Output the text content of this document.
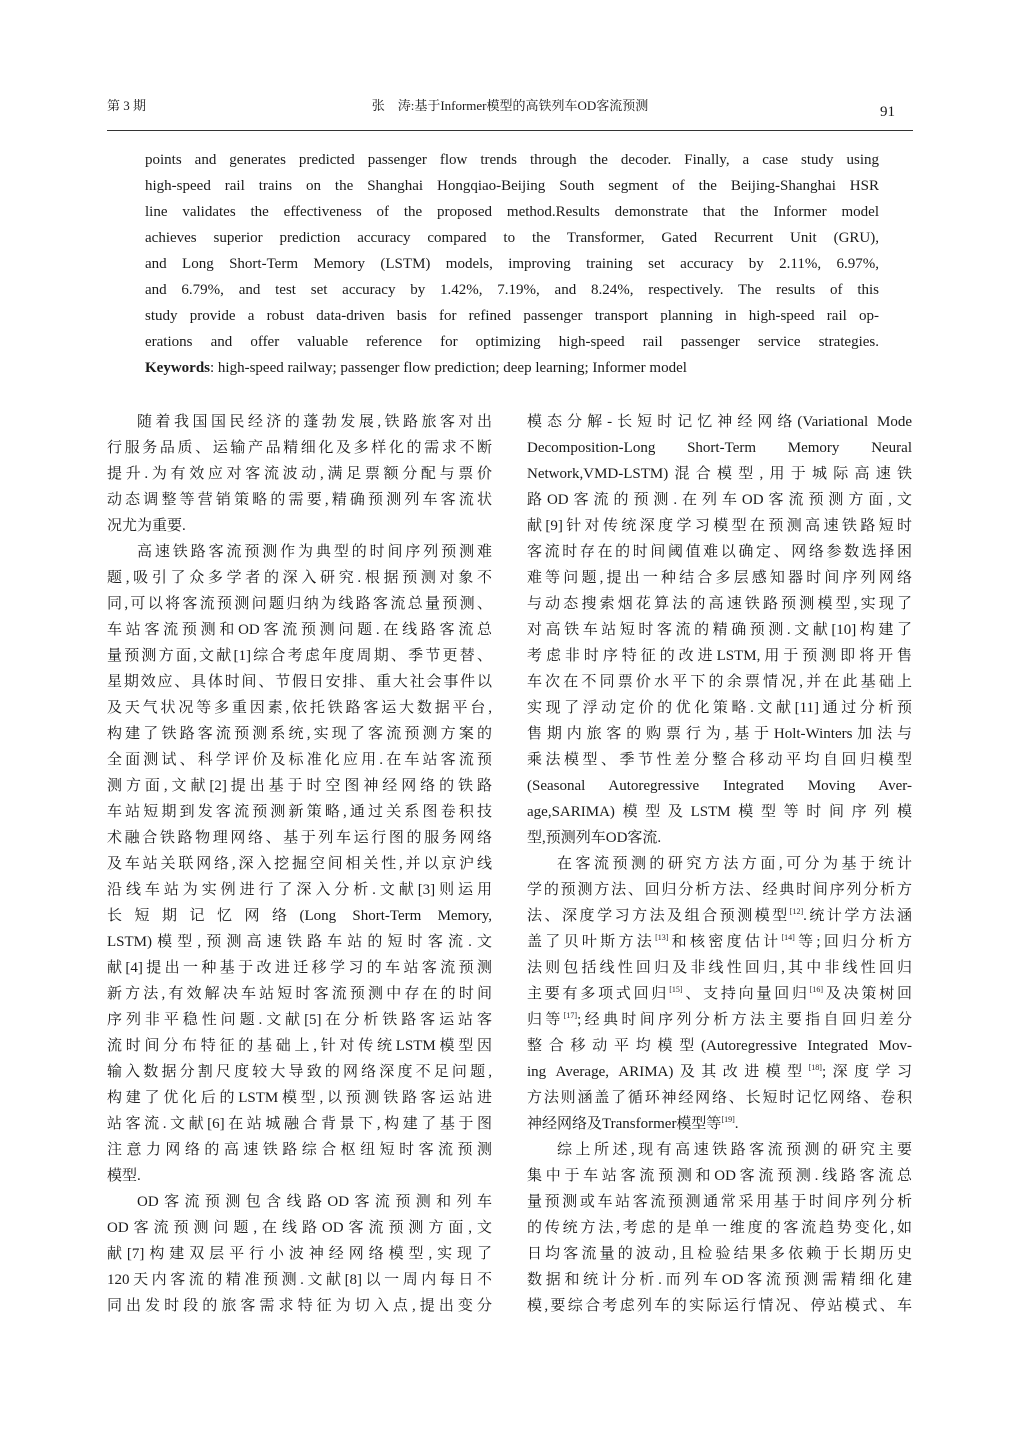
第 3 期	张　涛:基于Informer模型的高铁列车OD客流预测	91
points and generates predicted passenger flow trends through the decoder. Finally, a case study using
high-speed rail trains on the Shanghai Hongqiao-Beijing South segment of the Beijing-Shanghai HSR
line validates the effectiveness of the proposed method.Results demonstrate that the Informer model
achieves superior prediction accuracy compared to the Transformer, Gated Recurrent Unit (GRU),
and Long Short-Term Memory (LSTM) models, improving training set accuracy by 2.11%, 6.97%,
and 6.79%, and test set accuracy by 1.42%, 7.19%, and 8.24%, respectively. The results of this
study provide a robust data-driven basis for refined passenger transport planning in high-speed rail op-
erations and offer valuable reference for optimizing high-speed rail passenger service strategies.
Keywords: high-speed railway; passenger flow prediction; deep learning; Informer model
随着我国国民经济的蓬勃发展,铁路旅客对出
行服务品质、运输产品精细化及多样化的需求不断
提升.为有效应对客流波动,满足票额分配与票价
动态调整等营销策略的需要,精确预测列车客流状
况尤为重要.
高速铁路客流预测作为典型的时间序列预测难
题,吸引了众多学者的深入研究.根据预测对象不
同,可以将客流预测问题归纳为线路客流总量预测、
车站客流预测和OD客流预测问题.在线路客流总
量预测方面,文献[1]综合考虑年度周期、季节更替、
星期效应、具体时间、节假日安排、重大社会事件以
及天气状况等多重因素,依托铁路客运大数据平台,
构建了铁路客流预测系统,实现了客流预测方案的
全面测试、科学评价及标准化应用.在车站客流预
测方面,文献[2]提出基于时空图神经网络的铁路
车站短期到发客流预测新策略,通过关系图卷积技
术融合铁路物理网络、基于列车运行图的服务网络
及车站关联网络,深入挖掘空间相关性,并以京沪线
沿线车站为实例进行了深入分析.文献[3]则运用
长短期记忆网络(Long Short-Term Memory,
LSTM)模型,预测高速铁路车站的短时客流.文
献[4]提出一种基于改进迁移学习的车站客流预测
新方法,有效解决车站短时客流预测中存在的时间
序列非平稳性问题.文献[5]在分析铁路客运站客
流时间分布特征的基础上,针对传统LSTM模型因
输入数据分割尺度较大导致的网络深度不足问题,
构建了优化后的LSTM模型,以预测铁路客运站进
站客流.文献[6]在站城融合背景下,构建了基于图
注意力网络的高速铁路综合枢纽短时客流预测
模型.
OD客流预测包含线路OD客流预测和列车
OD客流预测问题,在线路OD客流预测方面,文
献[7]构建双层平行小波神经网络模型,实现了
120天内客流的精准预测.文献[8]以一周内每日不
同出发时段的旅客需求特征为切入点,提出变分
模态分解-长短时记忆神经网络(Variational Mode
Decomposition-Long Short-Term Memory Neural
Network,VMD-LSTM)混合模型,用于城际高速铁
路OD客流的预测.在列车OD客流预测方面,文
献[9]针对传统深度学习模型在预测高速铁路短时
客流时存在的时间阈值难以确定、网络参数选择困
难等问题,提出一种结合多层感知器时间序列网络
与动态搜索烟花算法的高速铁路预测模型,实现了
对高铁车站短时客流的精确预测.文献[10]构建了
考虑非时序特征的改进LSTM,用于预测即将开售
车次在不同票价水平下的余票情况,并在此基础上
实现了浮动定价的优化策略.文献[11]通过分析预
售期内旅客的购票行为,基于Holt-Winters加法与
乘法模型、季节性差分整合移动平均自回归模型
(Seasonal Autoregressive Integrated Moving Aver-
age,SARIMA)模型及LSTM模型等时间序列模
型,预测列车OD客流.
在客流预测的研究方法方面,可分为基于统计
学的预测方法、回归分析方法、经典时间序列分析方
法、深度学习方法及组合预测模型[12].统计学方法涵
盖了贝叶斯方法[13]和核密度估计[14]等;回归分析方
法则包括线性回归及非线性回归,其中非线性回归
主要有多项式回归[15]、支持向量回归[16]及决策树回
归等[17];经典时间序列分析方法主要指自回归差分
整合移动平均模型(Autoregressive Integrated Mov-
ing Average, ARIMA)及其改进模型[18];深度学习
方法则涵盖了循环神经网络、长短时记忆网络、卷积
神经网络及Transformer模型等[19].
综上所述,现有高速铁路客流预测的研究主要
集中于车站客流预测和OD客流预测.线路客流总
量预测或车站客流预测通常采用基于时间序列分析
的传统方法,考虑的是单一维度的客流趋势变化,如
日均客流量的波动,且检验结果多依赖于长期历史
数据和统计分析.而列车OD客流预测需精细化建
模,要综合考虑列车的实际运行情况、停站模式、车
